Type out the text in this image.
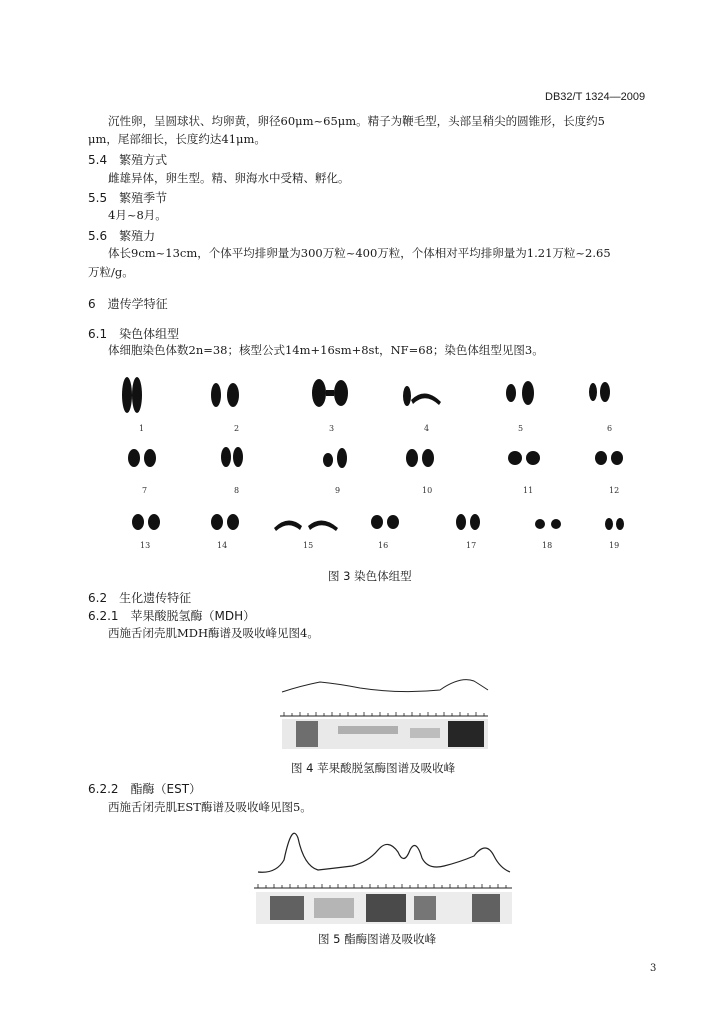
DB32/T 1324—2009
沉性卵，呈圆球状、均卵黄，卵径60μm~65μm。精子为鞭毛型，头部呈稍尖的圆锥形，长度约5
μm，尾部细长，长度约达41μm。
5.4　繁殖方式
雌雄异体，卵生型。精、卵海水中受精、孵化。
5.5　繁殖季节
4月~8月。
5.6　繁殖力
体长9cm~13cm，个体平均排卵量为300万粒~400万粒，个体相对平均排卵量为1.21万粒~2.65
万粒/g。
6　遗传学特征
6.1　染色体组型
体细胞染色体数2n=38；核型公式14m+16sm+8st，NF=68；染色体组型见图3。
1	2	3	4	5	6
7	8	9	10	11	12
13	14	15	16	17	18	19
图 3 染色体组型
6.2　生化遗传特征
6.2.1　苹果酸脱氢酶（MDH）
西施舌闭壳肌MDH酶谱及吸收峰见图4。
图 4 苹果酸脱氢酶图谱及吸收峰
6.2.2　酯酶（EST）
西施舌闭壳肌EST酶谱及吸收峰见图5。
图 5 酯酶图谱及吸收峰
3
